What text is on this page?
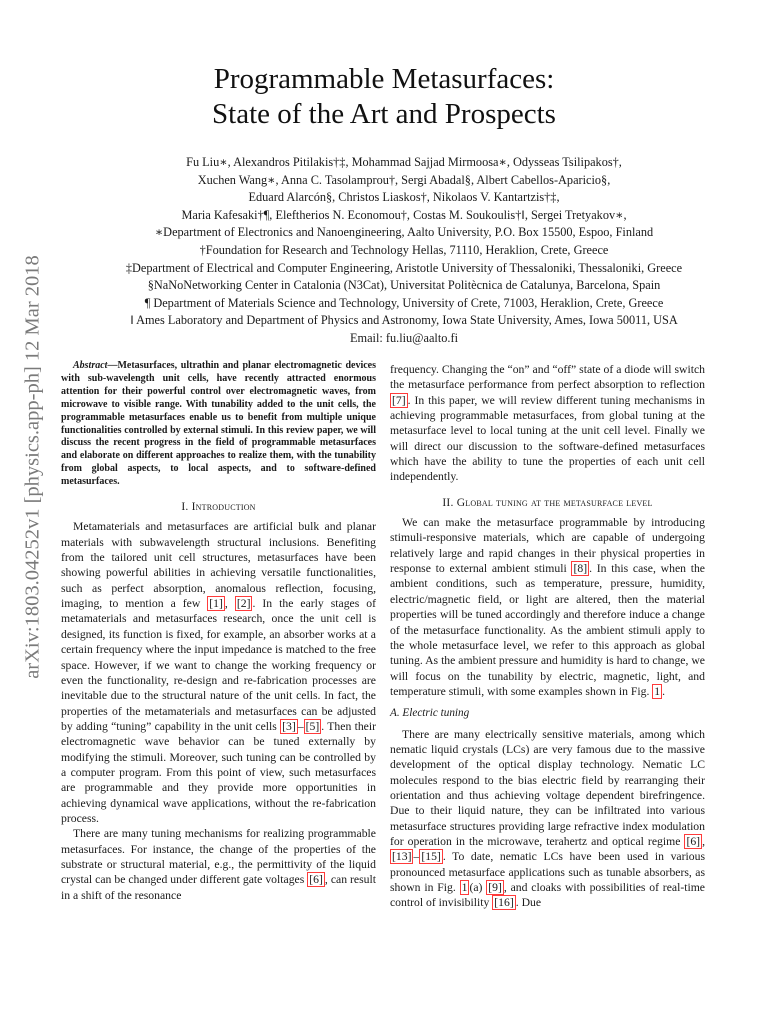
arXiv:1803.04252v1 [physics.app-ph] 12 Mar 2018
Programmable Metasurfaces:
State of the Art and Prospects
Fu Liu∗, Alexandros Pitilakis†‡, Mohammad Sajjad Mirmoosa∗, Odysseas Tsilipakos†,
Xuchen Wang∗, Anna C. Tasolamprou†, Sergi Abadal§, Albert Cabellos-Aparicio§,
Eduard Alarcón§, Christos Liaskos†, Nikolaos V. Kantartzis†‡,
Maria Kafesaki†¶, Eleftherios N. Economou†, Costas M. Soukoulis†‖, Sergei Tretyakov∗,
∗Department of Electronics and Nanoengineering, Aalto University, P.O. Box 15500, Espoo, Finland
†Foundation for Research and Technology Hellas, 71110, Heraklion, Crete, Greece
‡Department of Electrical and Computer Engineering, Aristotle University of Thessaloniki, Thessaloniki, Greece
§NaNoNetworking Center in Catalonia (N3Cat), Universitat Politècnica de Catalunya, Barcelona, Spain
¶ Department of Materials Science and Technology, University of Crete, 71003, Heraklion, Crete, Greece
‖ Ames Laboratory and Department of Physics and Astronomy, Iowa State University, Ames, Iowa 50011, USA
Email: fu.liu@aalto.fi
Abstract—Metasurfaces, ultrathin and planar electromagnetic devices with sub-wavelength unit cells, have recently attracted enormous attention for their powerful control over electromagnetic waves, from microwave to visible range. With tunability added to the unit cells, the programmable metasurfaces enable us to benefit from multiple unique functionalities controlled by external stimuli. In this review paper, we will discuss the recent progress in the field of programmable metasurfaces and elaborate on different approaches to realize them, with the tunability from global aspects, to local aspects, and to software-defined metasurfaces.
I. Introduction

Metamaterials and metasurfaces are artificial bulk and planar materials with subwavelength structural inclusions. Benefiting from the tailored unit cell structures, metasurfaces have been showing powerful abilities in achieving versatile functionalities, such as perfect absorption, anomalous reflection, focusing, imaging, to mention a few [1] , [2] . In the early stages of metamaterials and metasurfaces research, once the unit cell is designed, its function is fixed, for example, an absorber works at a certain frequency where the input impedance is matched to the free space. However, if we want to change the working frequency or even the functionality, re-design and re-fabrication processes are inevitable due to the structural nature of the unit cells. In fact, the properties of the metamaterials and metasurfaces can be adjusted by adding “tuning” capability in the unit cells [3] – [5] . Then their electromagnetic wave behavior can be tuned externally by modifying the stimuli. Moreover, such tuning can be controlled by a computer program. From this point of view, such metasurfaces are programmable and they provide more opportunities in achieving dynamical wave applications, without the re-fabrication process.

There are many tuning mechanisms for realizing programmable metasurfaces. For instance, the change of the properties of the substrate or structural material, e.g., the permittivity of the liquid crystal can be changed under different gate voltages [6] , can result in a shift of the resonance

frequency. Changing the “on” and “off” state of a diode will switch the metasurface performance from perfect absorption to reflection [7] . In this paper, we will review different tuning mechanisms in achieving programmable metasurfaces, from global tuning at the metasurface level to local tuning at the unit cell level. Finally we will direct our discussion to the software-defined metasurfaces which have the ability to tune the properties of each unit cell independently.

II. Global tuning at the metasurface level

We can make the metasurface programmable by introducing stimuli-responsive materials, which are capable of undergoing relatively large and rapid changes in their physical properties in response to external ambient stimuli [8] . In this case, when the ambient conditions, such as temperature, pressure, humidity, electric/magnetic field, or light are altered, then the material properties will be tuned accordingly and therefore induce a change of the metasurface functionality. As the ambient stimuli apply to the whole metasurface level, we refer to this approach as global tuning. As the ambient pressure and humidity is hard to change, we will focus on the tunability by electric, magnetic, light, and temperature stimuli, with some examples shown in Fig. 1 .

A. Electric tuning

There are many electrically sensitive materials, among which nematic liquid crystals (LCs) are very famous due to the massive development of the optical display technology. Nematic LC molecules respond to the bias electric field by rearranging their orientation and thus achieving voltage dependent birefringence. Due to their liquid nature, they can be infiltrated into various metasurface structures providing large refractive index modulation for operation in the microwave, terahertz and optical regime [6] , [13] – [15] . To date, nematic LCs have been used in various pronounced metasurface applications such as tunable absorbers, as shown in Fig. 1 (a) [9] , and cloaks with possibilities of real-time control of invisibility [16] . Due
